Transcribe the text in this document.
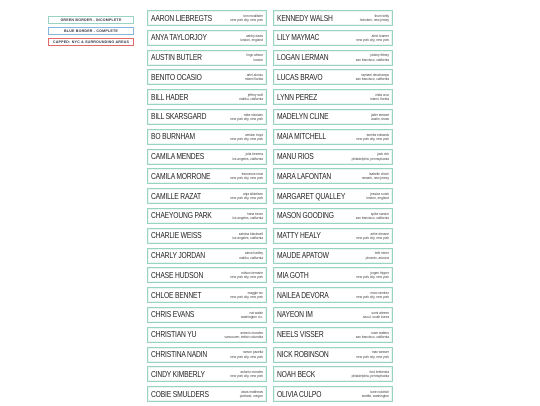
GREEN BORDER - INCOMPLETE
BLUE BORDER - COMPLETE
CAPPED: NYC & SURROUNDING AREAS
AARON LIEBREGTS	tom mcallister
new york city, new york
ANYA TAYLORJOY	ashby davis
london, england
AUSTIN BUTLER	lingo wilson
london
BENITO OCASIO	ariel alonso
miami florida
BILL HADER	jeffrey wolf
malibu, california
BILL SKARSGARD	mike nikolaev
new york city, new york
BO BURNHAM	weston boyd
new york city, new york
CAMILA MENDES	julia bezerra
los angeles, california
CAMILA MORRONE	francesca rossi
new york city, new york
CAMILLE RAZAT	anja sikkelsen
new york city, new york
CHAEYOUNG PARK	hana beom
los angeles, california
CHARLIE WEISS	sabrina blackwell
los angeles, california
CHARLY JORDAN	alexa hartley
malibu, california
CHASE HUDSON	edison kernahn
new york city, new york
CHLOE BENNET	maggie wu
new york city, new york
CHRIS EVANS	nat walsh
washington d.c.
CHRISTIAN YU	antonio morales
vancouver, british columbia
CHRISTINA NADIN	ramon pacella
new york city, new york
CINDY KIMBERLY	antonio morales
new york city, new york
COBIE SMULDERS	davis matthews
portland, oregon
KENNEDY WALSH	thom kelly
hoboken, new jersey
LILY MAYMAC	alexi kramer
new york city, new york
LOGAN LERMAN	ptokey fittney
san francisco, california
LUCAS BRAVO	raphael deschamps
san francisco, california
LYNN PEREZ	nilda cruz
miami, florida
MADELYN CLINE	jaller stewart
austin, texas
MAIA MITCHELL	amelia edwards
new york city, new york
MANU RIOS	jack rich
philadelphia, pennsylvania
MARA LAFONTAN	isabelle clinch
newark, new jersey
MARGARET QUALLEY	jessica roush
london, england
MASON GOODING	spike sandor
san francisco, california
MATTY HEALY	arthe devane
new york city, new york
MAUDE APATOW	britt miner
phoenix, arizona
MIA GOTH	jorgen fripper
new york city, new york
NAILEA DEVORA	marc ramirez
new york city, new york
NAYEON IM	sumi ahreen
seoul, south korea
NEELS VISSER	rowe walters
san francisco, california
NICK ROBINSON	max weaver
new york city, new york
NOAH BECK	ford brekenka
philadelphia, pennsylvania
OLIVIA CULPO	izzie roddrich
seattle, washington
